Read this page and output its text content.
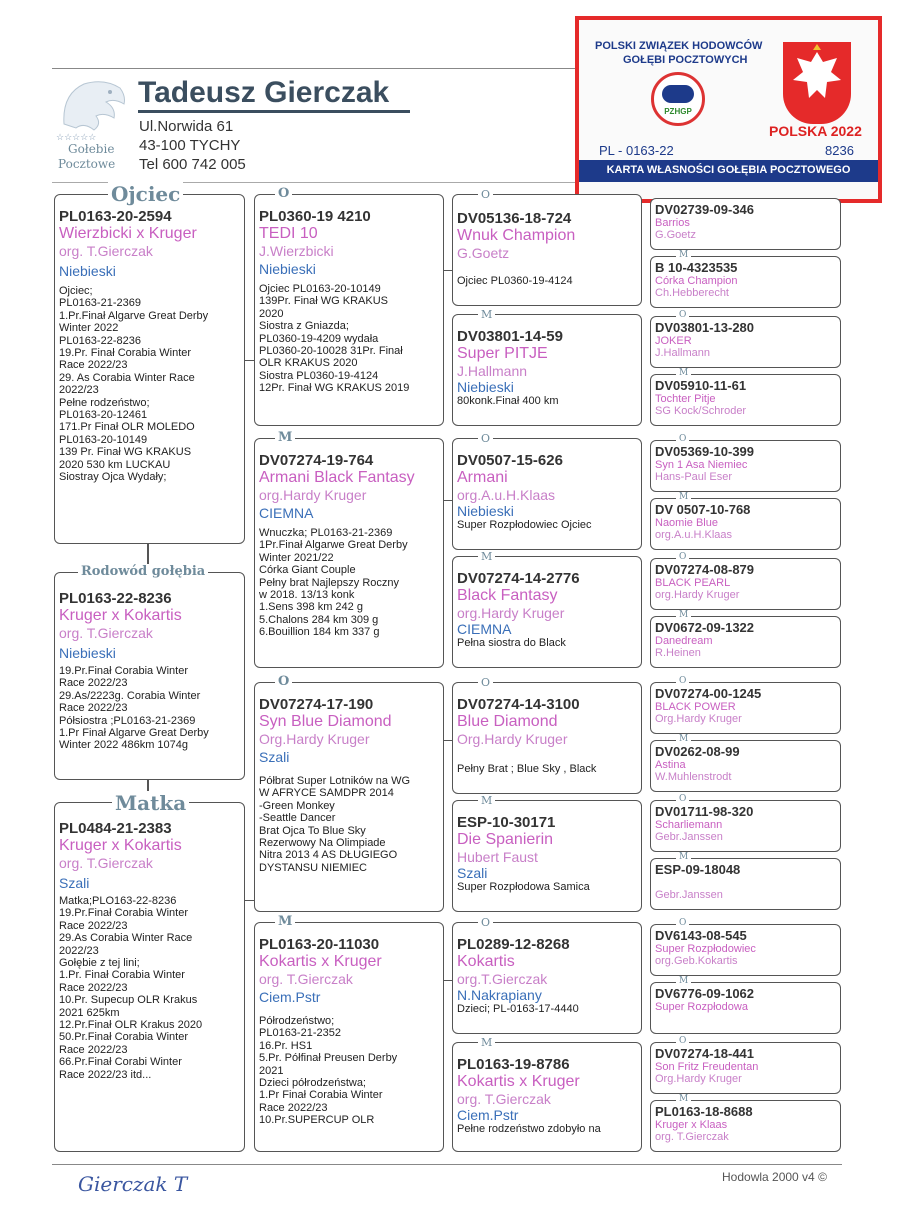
☆☆☆☆☆
Gołebie
Pocztowe
Tadeusz Gierczak
Ul.Norwida 61
43-100 TYCHY
Tel 600 742 005
POLSKI ZWIĄZEK HODOWCÓW
GOŁĘBI POCZTOWYCH
PZHGP
POLSKA 2022
PL - 0163-22	8236
KARTA WŁASNOŚCI GOŁĘBIA POCZTOWEGO
PL0163-20-2594
Wierzbicki x Kruger
org. T.Gierczak
Niebieski
Ojciec;
PL0163-21-2369
1.Pr.Finał Algarve Great Derby
Winter 2022
PL0163-22-8236
19.Pr. Finał Corabia Winter
Race 2022/23
29. As Corabia Winter Race
2022/23
Pełne rodzeństwo;
PL0163-20-12461
171.Pr Finał OLR MOLEDO
PL0163-20-10149
139 Pr. Finał WG KRAKUS
2020 530 km LUCKAU
Siostray Ojca Wydały;
Ojciec
PL0163-22-8236
Kruger x Kokartis
org. T.Gierczak
Niebieski
19.Pr.Finał Corabia Winter
Race 2022/23
29.As/2223g. Corabia Winter
Race 2022/23
Półsiostra ;PL0163-21-2369
1.Pr Finał Algarve Great Derby
Winter 2022 486km 1074g
Rodowód gołębia
PL0484-21-2383
Kruger x Kokartis
org. T.Gierczak
Szali
Matka;PLO163-22-8236
19.Pr.Finał Corabia Winter
Race 2022/23
29.As Corabia Winter Race
2022/23
Gołębie z tej lini;
1.Pr. Finał Corabia Winter
Race 2022/23
10.Pr. Supecup OLR Krakus
2021 625km
12.Pr.Finał OLR Krakus 2020
50.Pr.Finał Corabia Winter
Race 2022/23
66.Pr.Finał Corabi Winter
Race 2022/23 itd...
Matka
PL0360-19 4210
TEDI 10
J.Wierzbicki
Niebieski
Ojciec PL0163-20-10149
139Pr. Finał WG KRAKUS
2020
Siostra z Gniazda;
PL0360-19-4209 wydała
PL0360-20-10028 31Pr. Finał
OLR KRAKUS 2020
Siostra PL0360-19-4124
12Pr. Finał WG KRAKUS 2019
O
DV07274-19-764
Armani Black Fantasy
org.Hardy Kruger
CIEMNA
Wnuczka; PL0163-21-2369
1Pr.Finał Algarwe Great Derby
Winter 2021/22
Córka Giant Couple
Pełny brat Najlepszy Roczny
w 2018. 13/13 konk
1.Sens 398 km 242 g
5.Chalons 284 km 309 g
6.Bouillion 184 km 337 g
M
DV07274-17-190
Syn Blue Diamond
Org.Hardy Kruger
Szali
Półbrat Super Lotników na WG
W AFRYCE SAMDPR 2014
-Green Monkey
-Seattle Dancer
Brat Ojca To Blue Sky
Rezerwowy Na Olimpiade
Nitra 2013 4 AS DŁUGIEGO
DYSTANSU NIEMIEC
O
PL0163-20-11030
Kokartis x Kruger
org. T.Gierczak
Ciem.Pstr
Półrodzeństwo;
PL0163-21-2352
16.Pr. HS1
5.Pr. Półfinał Preusen Derby
2021
Dzieci półrodzeństwa;
1.Pr Finał Corabia Winter
Race 2022/23
10.Pr.SUPERCUP OLR
M
DV05136-18-724
Wnuk Champion
G.Goetz
Ojciec PL0360-19-4124
O
DV03801-14-59
Super PITJE
J.Hallmann
Niebieski
80konk.Finał 400 km
M
DV0507-15-626
Armani
org.A.u.H.Klaas
Niebieski
Super Rozpłodowiec Ojciec
O
DV07274-14-2776
Black Fantasy
org.Hardy Kruger
CIEMNA
Pełna siostra do Black
M
DV07274-14-3100
Blue Diamond
Org.Hardy Kruger
Pełny Brat ; Blue Sky , Black
O
ESP-10-30171
Die Spanierin
Hubert Faust
Szali
Super Rozpłodowa Samica
M
PL0289-12-8268
Kokartis
org.T.Gierczak
N.Nakrapiany
Dzieci; PL-0163-17-4440
O
PL0163-19-8786
Kokartis x Kruger
org. T.Gierczak
Ciem.Pstr
Pełne rodzeństwo zdobyło na
M
DV02739-09-346
Barrios
G.Goetz
B 10-4323535
Córka Champion
Ch.Hebberecht
M
DV03801-13-280
JOKER
J.Hallmann
O
DV05910-11-61
Tochter Pitje
SG Kock/Schroder
M
DV05369-10-399
Syn 1 Asa Niemiec
Hans-Paul Eser
O
DV 0507-10-768
Naomie Blue
org.A.u.H.Klaas
M
DV07274-08-879
BLACK PEARL
org.Hardy Kruger
O
DV0672-09-1322
Danedream
R.Heinen
M
DV07274-00-1245
BLACK POWER
Org.Hardy Kruger
O
DV0262-08-99
Astina
W.Muhlenstrodt
M
DV01711-98-320
Scharliemann
Gebr.Janssen
O
ESP-09-18048
Gebr.Janssen
M
DV6143-08-545
Super Rozpłodowiec
org.Geb.Kokartis
O
DV6776-09-1062
Super Rozpłodowa
M
DV07274-18-441
Son Fritz Freudentan
Org.Hardy Kruger
O
PL0163-18-8688
Kruger x Klaas
org. T.Gierczak
M
Gierczak T	Hodowla 2000 v4 ©
